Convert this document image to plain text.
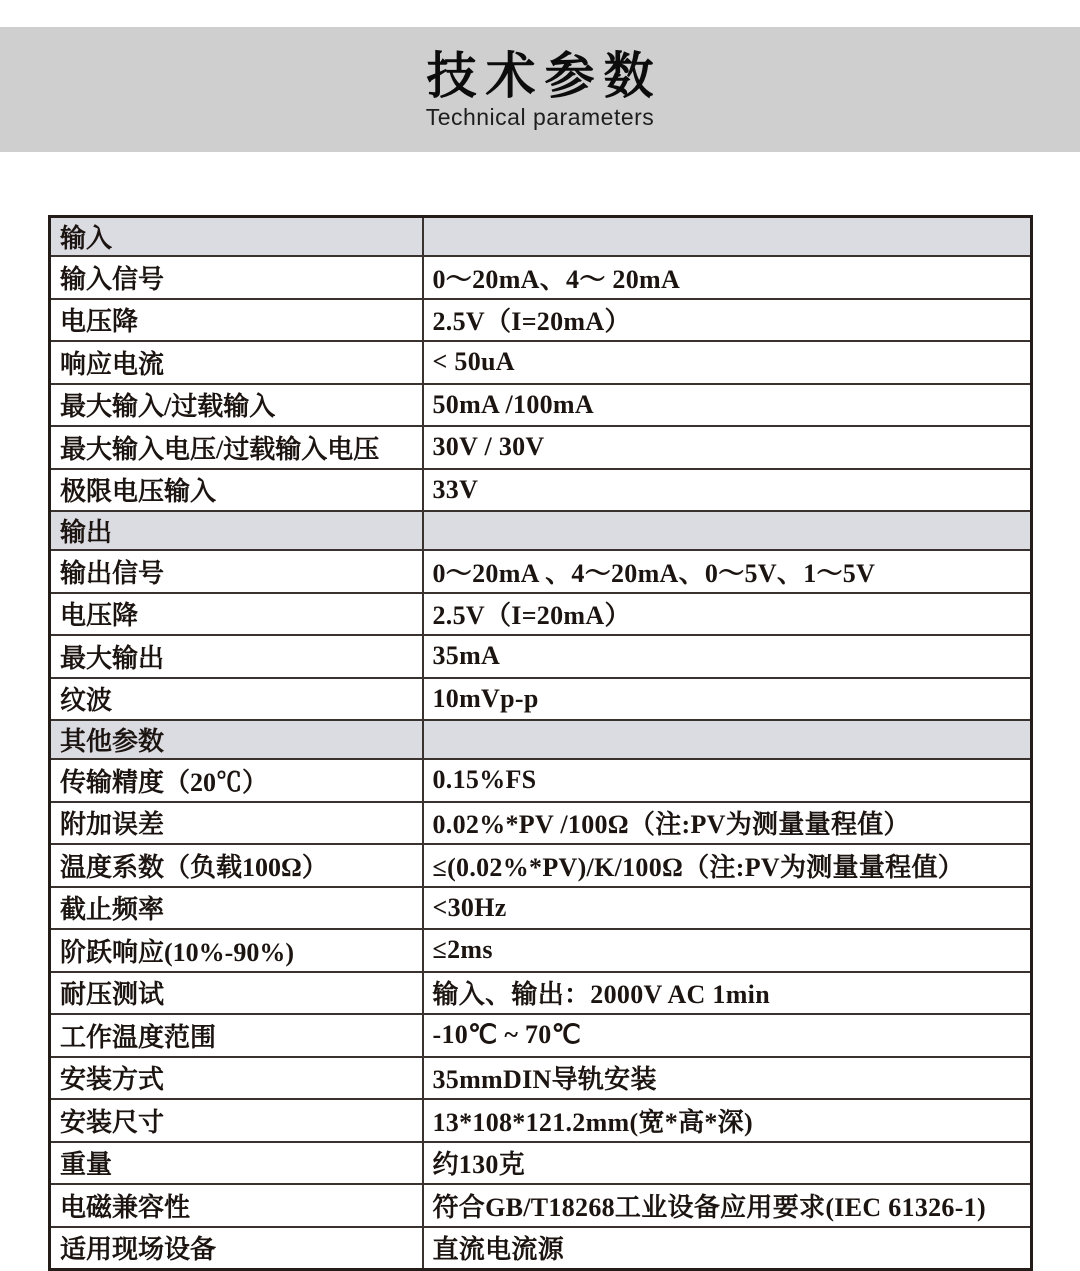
技术参数
Technical parameters
输入	
输入信号	0～20mA、4～ 20mA
电压降	2.5V（I=20mA）
响应电流	< 50uA
最大输入/过载输入	50mA /100mA
最大输入电压/过载输入电压	30V / 30V
极限电压输入	33V
输出	
输出信号	0～20mA 、4～20mA、0～5V、1～5V
电压降	2.5V（I=20mA）
最大输出	35mA
纹波	10mVp-p
其他参数	
传输精度（20℃）	0.15%FS
附加误差	0.02%*PV /100Ω（注:PV为测量量程值）
温度系数（负载100Ω）	≤(0.02%*PV)/K/100Ω（注:PV为测量量程值）
截止频率	<30Hz
阶跃响应(10%-90%)	≤2ms
耐压测试	输入、输出：2000V AC 1min
工作温度范围	-10℃ ~ 70℃
安装方式	35mmDIN导轨安装
安装尺寸	13*108*121.2mm(宽*高*深)
重量	约130克
电磁兼容性	符合GB/T18268工业设备应用要求(IEC 61326-1)
适用现场设备	直流电流源
